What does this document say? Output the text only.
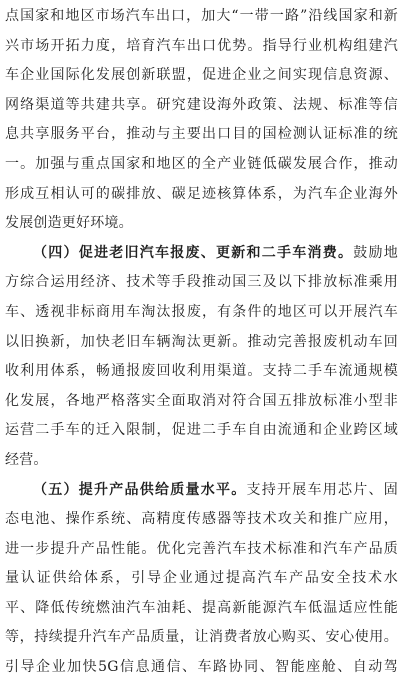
点国家和地区市场汽车出口，加大“一带一路”沿线国家和新
兴市场开拓力度，培育汽车出口优势。指导行业机构组建汽
车企业国际化发展创新联盟，促进企业之间实现信息资源、
网络渠道等共建共享。研究建设海外政策、法规、标准等信
息共享服务平台，推动与主要出口目的国检测认证标准的统
一。加强与重点国家和地区的全产业链低碳发展合作，推动
形成互相认可的碳排放、碳足迹核算体系，为汽车企业海外
发展创造更好环境。
（四）促进老旧汽车报废、更新和二手车消费。鼓励地
方综合运用经济、技术等手段推动国三及以下排放标准乘用
车、透视非标商用车淘汰报废，有条件的地区可以开展汽车
以旧换新，加快老旧车辆淘汰更新。推动完善报废机动车回
收利用体系，畅通报废回收利用渠道。支持二手车流通规模
化发展，各地严格落实全面取消对符合国五排放标准小型非
运营二手车的迁入限制，促进二手车自由流通和企业跨区域
经营。
（五）提升产品供给质量水平。支持开展车用芯片、固
态电池、操作系统、高精度传感器等技术攻关和推广应用，
进一步提升产品性能。优化完善汽车技术标准和汽车产品质
量认证供给体系，引导企业通过提高汽车产品安全技术水
平、降低传统燃油汽车油耗、提高新能源汽车低温适应性能
等，持续提升汽车产品质量，让消费者放心购买、安心使用。
引导企业加快5G信息通信、车路协同、智能座舱、自动驾
